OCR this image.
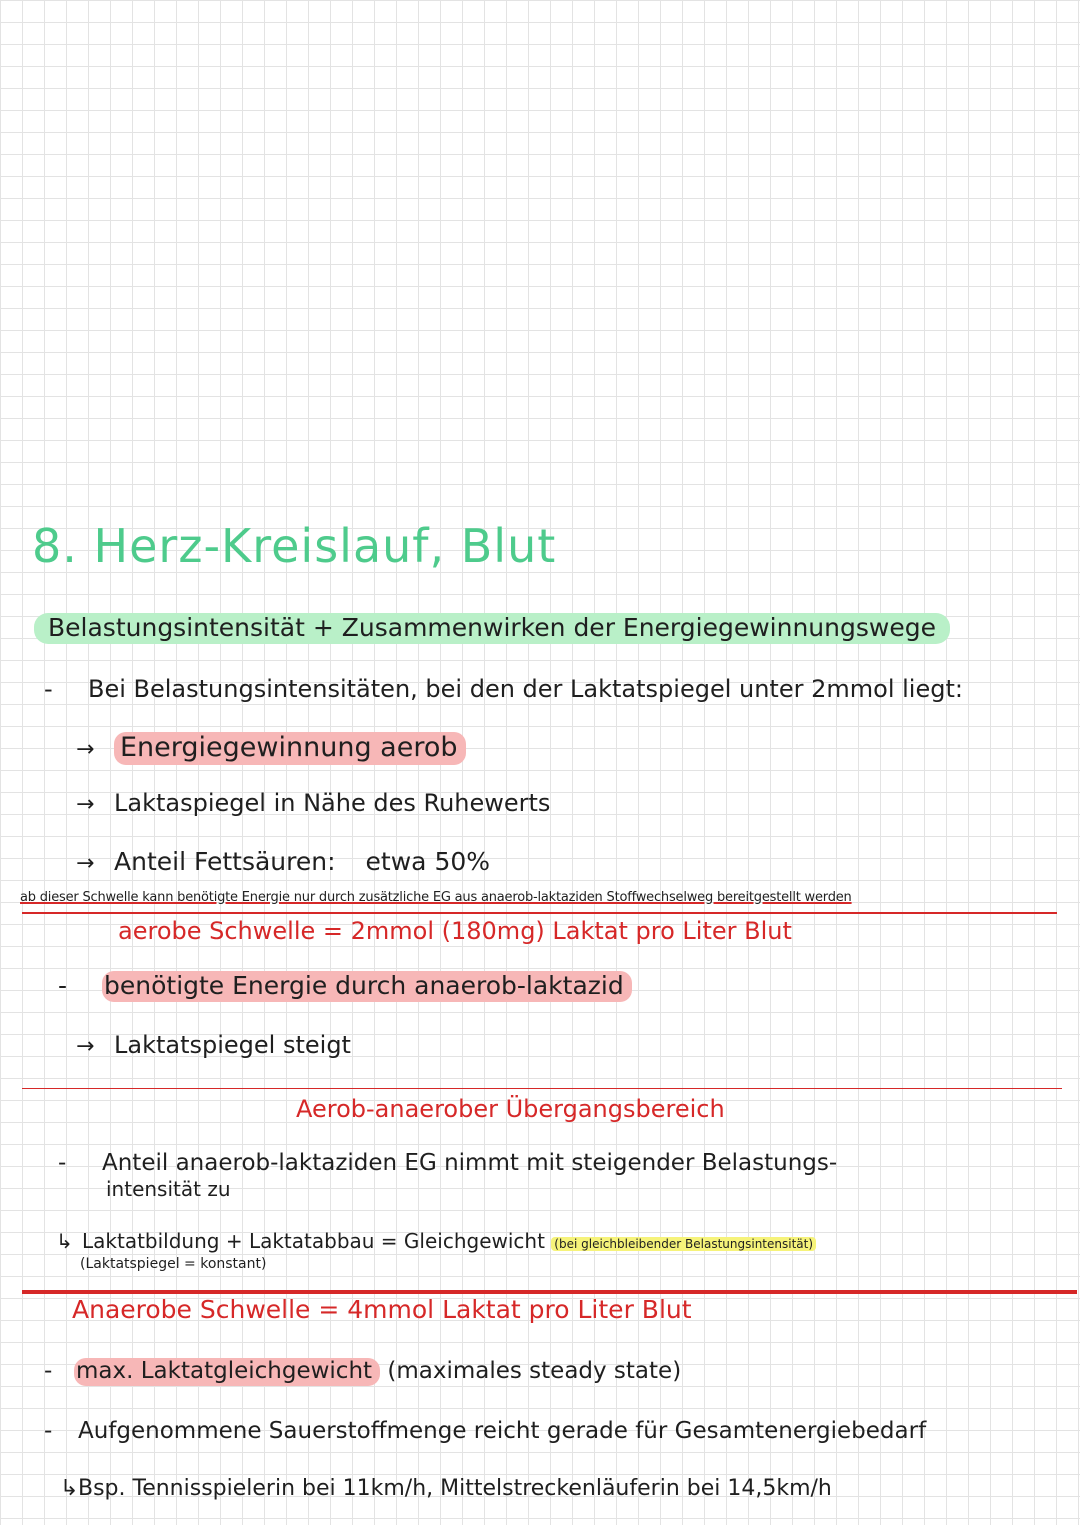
8. Herz-Kreislauf, Blut
Belastungsintensität + Zusammenwirken der Energiegewinnungswege
- Bei Belastungsintensitäten, bei den der Laktatspiegel unter 2mmol liegt:
→ Energiegewinnung aerob
→ Laktaspiegel in Nähe des Ruhewerts
→ Anteil Fettsäuren: etwa 50%
ab dieser Schwelle kann benötigte Energie nur durch zusätzliche EG aus anaerob-laktaziden Stoffwechselweg bereitgestellt werden
aerobe Schwelle = 2mmol (180mg) Laktat pro Liter Blut
- benötigte Energie durch anaerob-laktazid
→ Laktatspiegel steigt
Aerob-anaerober Übergangsbereich
- Anteil anaerob-laktaziden EG nimmt mit steigender Belastungs-
intensität zu
↳ Laktatbildung + Laktatabbau = Gleichgewicht (bei gleichbleibender Belastungsintensität)
(Laktatspiegel = konstant)
Anaerobe Schwelle = 4mmol Laktat pro Liter Blut
- max. Laktatgleichgewicht (maximales steady state)
- Aufgenommene Sauerstoffmenge reicht gerade für Gesamtenergiebedarf
↳Bsp. Tennisspielerin bei 11km/h, Mittelstreckenläuferin bei 14,5km/h
